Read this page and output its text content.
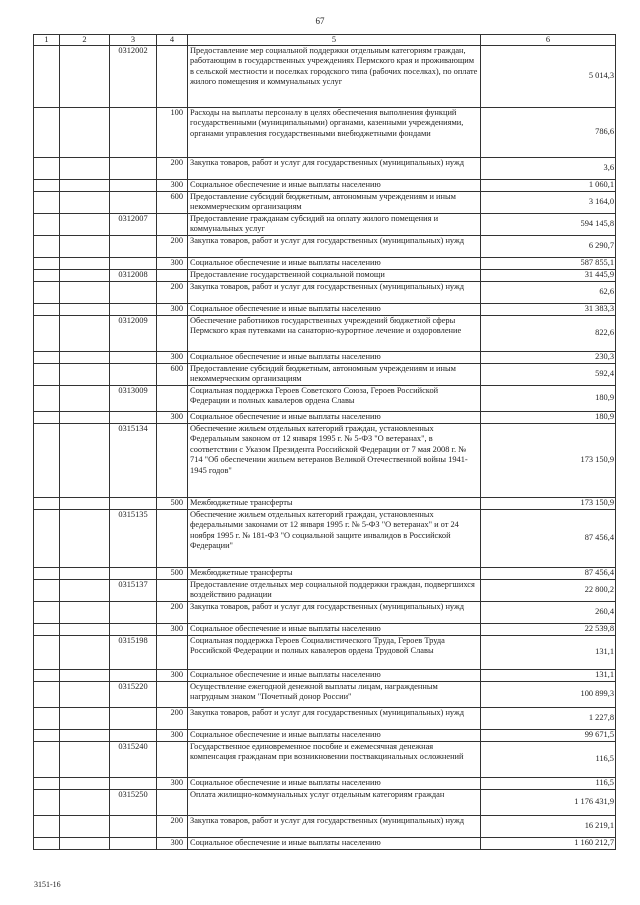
67
1	2	3	4	5	6
		0312002		Предоставление мер социальной поддержки отдельным категориям граждан, работающим в государственных учреждениях Пермского края и проживающим в сельской местности и поселках городского типа (рабочих поселках), по оплате жилого помещения и коммунальных услуг	5 014,3
			100	Расходы на выплаты персоналу в целях обеспечения выполнения функций государственными (муниципальными) органами, казенными учреждениями, органами управления государственными внебюджетными фондами	786,6
			200	Закупка товаров, работ и услуг для государственных (муниципальных) нужд	3,6
			300	Социальное обеспечение и иные выплаты населению	1 060,1
			600	Предоставление субсидий бюджетным, автономным учреждениям и иным некоммерческим организациям	3 164,0
		0312007		Предоставление гражданам субсидий на оплату жилого помещения и коммунальных услуг	594 145,8
			200	Закупка товаров, работ и услуг для государственных (муниципальных) нужд	6 290,7
			300	Социальное обеспечение и иные выплаты населению	587 855,1
		0312008		Предоставление государственной социальной помощи	31 445,9
			200	Закупка товаров, работ и услуг для государственных (муниципальных) нужд	62,6
			300	Социальное обеспечение и иные выплаты населению	31 383,3
		0312009		Обеспечение работников государственных учреждений бюджетной сферы Пермского края путевками на санаторно-курортное лечение и оздоровление	822,6
			300	Социальное обеспечение и иные выплаты населению	230,3
			600	Предоставление субсидий бюджетным, автономным учреждениям и иным некоммерческим организациям	592,4
		0313009		Социальная поддержка Героев Советского Союза, Героев Российской Федерации и полных кавалеров ордена Славы	180,9
			300	Социальное обеспечение и иные выплаты населению	180,9
		0315134		Обеспечение жильем отдельных категорий граждан, установленных Федеральным законом от 12 января 1995 г. № 5-ФЗ "О ветеранах", в соответствии с Указом Президента Российской Федерации от 7 мая 2008 г. № 714 "Об обеспечении жильем ветеранов Великой Отечественной войны 1941-1945 годов"	173 150,9
			500	Межбюджетные трансферты	173 150,9
		0315135		Обеспечение жильем отдельных категорий граждан, установленных федеральными законами от 12 января 1995 г. № 5-ФЗ "О ветеранах" и от 24 ноября 1995 г. № 181-ФЗ "О социальной защите инвалидов в Российской Федерации"	87 456,4
			500	Межбюджетные трансферты	87 456,4
		0315137		Предоставление отдельных мер социальной поддержки граждан, подвергшихся воздействию радиации	22 800,2
			200	Закупка товаров, работ и услуг для государственных (муниципальных) нужд	260,4
			300	Социальное обеспечение и иные выплаты населению	22 539,8
		0315198		Социальная поддержка Героев Социалистического Труда, Героев Труда Российской Федерации и полных кавалеров ордена Трудовой Славы	131,1
			300	Социальное обеспечение и иные выплаты населению	131,1
		0315220		Осуществление ежегодной денежной выплаты лицам, награжденным нагрудным знаком "Почетный донор России"	100 899,3
			200	Закупка товаров, работ и услуг для государственных (муниципальных) нужд	1 227,8
			300	Социальное обеспечение и иные выплаты населению	99 671,5
		0315240		Государственное единовременное пособие и ежемесячная денежная компенсация гражданам при возникновении поствакцинальных осложнений	116,5
			300	Социальное обеспечение и иные выплаты населению	116,5
		0315250		Оплата жилищно-коммунальных услуг отдельным категориям граждан	1 176 431,9
			200	Закупка товаров, работ и услуг для государственных (муниципальных) нужд	16 219,1
			300	Социальное обеспечение и иные выплаты населению	1 160 212,7
3151-16
